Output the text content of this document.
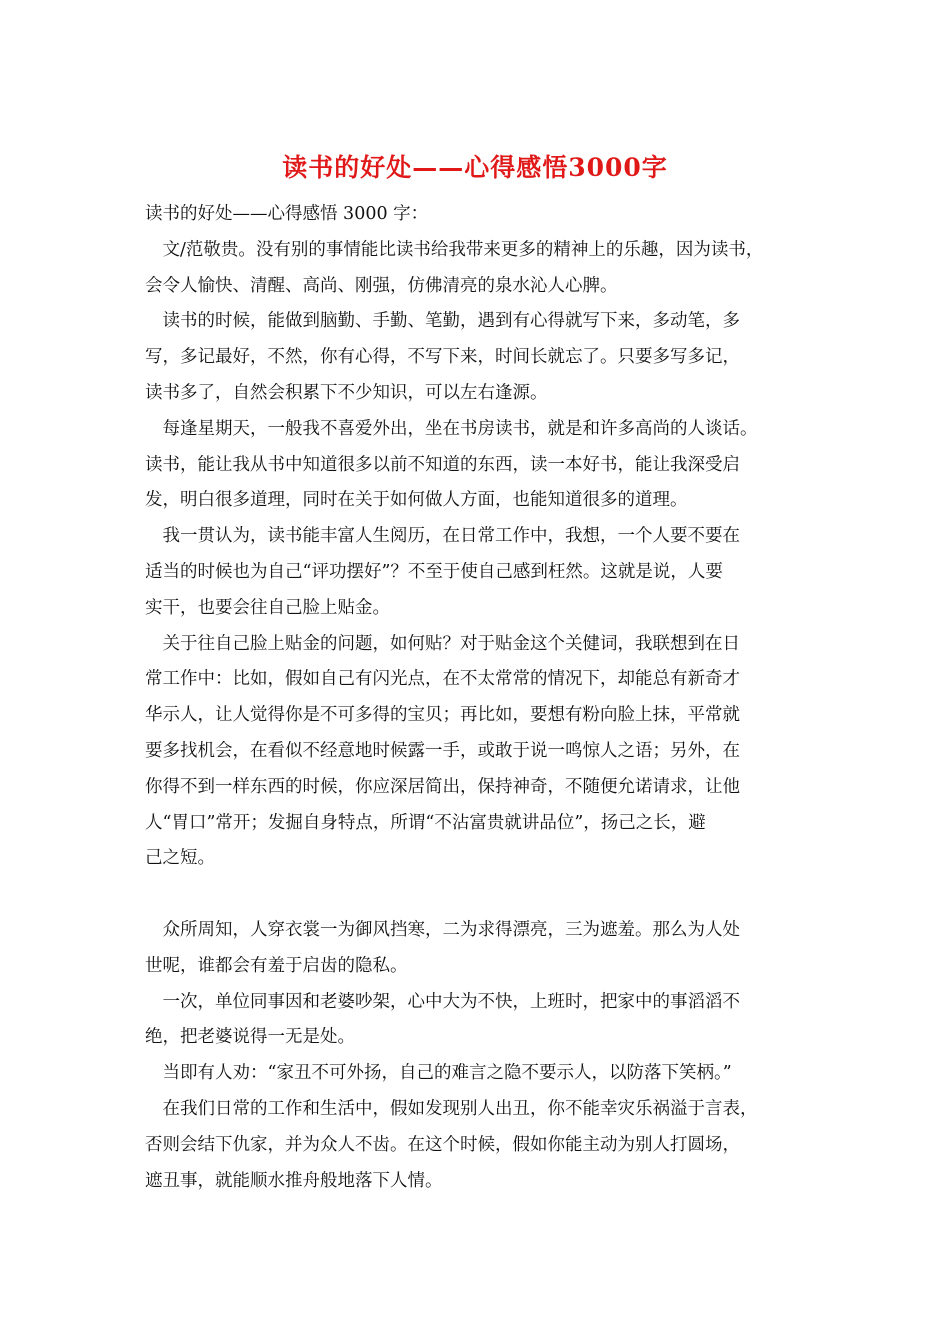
读书的好处——心得感悟3000字
读书的好处——心得感悟 3000 字：
　文/范敬贵。没有别的事情能比读书给我带来更多的精神上的乐趣，因为读书，
会令人愉快、清醒、高尚、刚强，仿佛清亮的泉水沁人心脾。
　读书的时候，能做到脑勤、手勤、笔勤，遇到有心得就写下来，多动笔，多
写，多记最好，不然，你有心得，不写下来，时间长就忘了。只要多写多记，
读书多了，自然会积累下不少知识，可以左右逢源。
　每逢星期天，一般我不喜爱外出，坐在书房读书，就是和许多高尚的人谈话。
读书，能让我从书中知道很多以前不知道的东西，读一本好书，能让我深受启
发，明白很多道理，同时在关于如何做人方面，也能知道很多的道理。
　我一贯认为，读书能丰富人生阅历，在日常工作中，我想，一个人要不要在
适当的时候也为自己“评功摆好”？不至于使自己感到枉然。这就是说，人要
实干，也要会往自己脸上贴金。
　关于往自己脸上贴金的问题，如何贴？对于贴金这个关健词，我联想到在日
常工作中：比如，假如自己有闪光点，在不太常常的情况下，却能总有新奇才
华示人，让人觉得你是不可多得的宝贝；再比如，要想有粉向脸上抹，平常就
要多找机会，在看似不经意地时候露一手，或敢于说一鸣惊人之语；另外，在
你得不到一样东西的时候，你应深居简出，保持神奇，不随便允诺请求，让他
人“胃口”常开；发掘自身特点，所谓“不沾富贵就讲品位”，扬己之长，避
己之短。
　众所周知，人穿衣裳一为御风挡寒，二为求得漂亮，三为遮羞。那么为人处
世呢，谁都会有羞于启齿的隐私。
　一次，单位同事因和老婆吵架，心中大为不快，上班时，把家中的事滔滔不
绝，把老婆说得一无是处。
　当即有人劝：“家丑不可外扬，自己的难言之隐不要示人，以防落下笑柄。”
　在我们日常的工作和生活中，假如发现别人出丑，你不能幸灾乐祸溢于言表，
否则会结下仇家，并为众人不齿。在这个时候，假如你能主动为别人打圆场，
遮丑事，就能顺水推舟般地落下人情。
